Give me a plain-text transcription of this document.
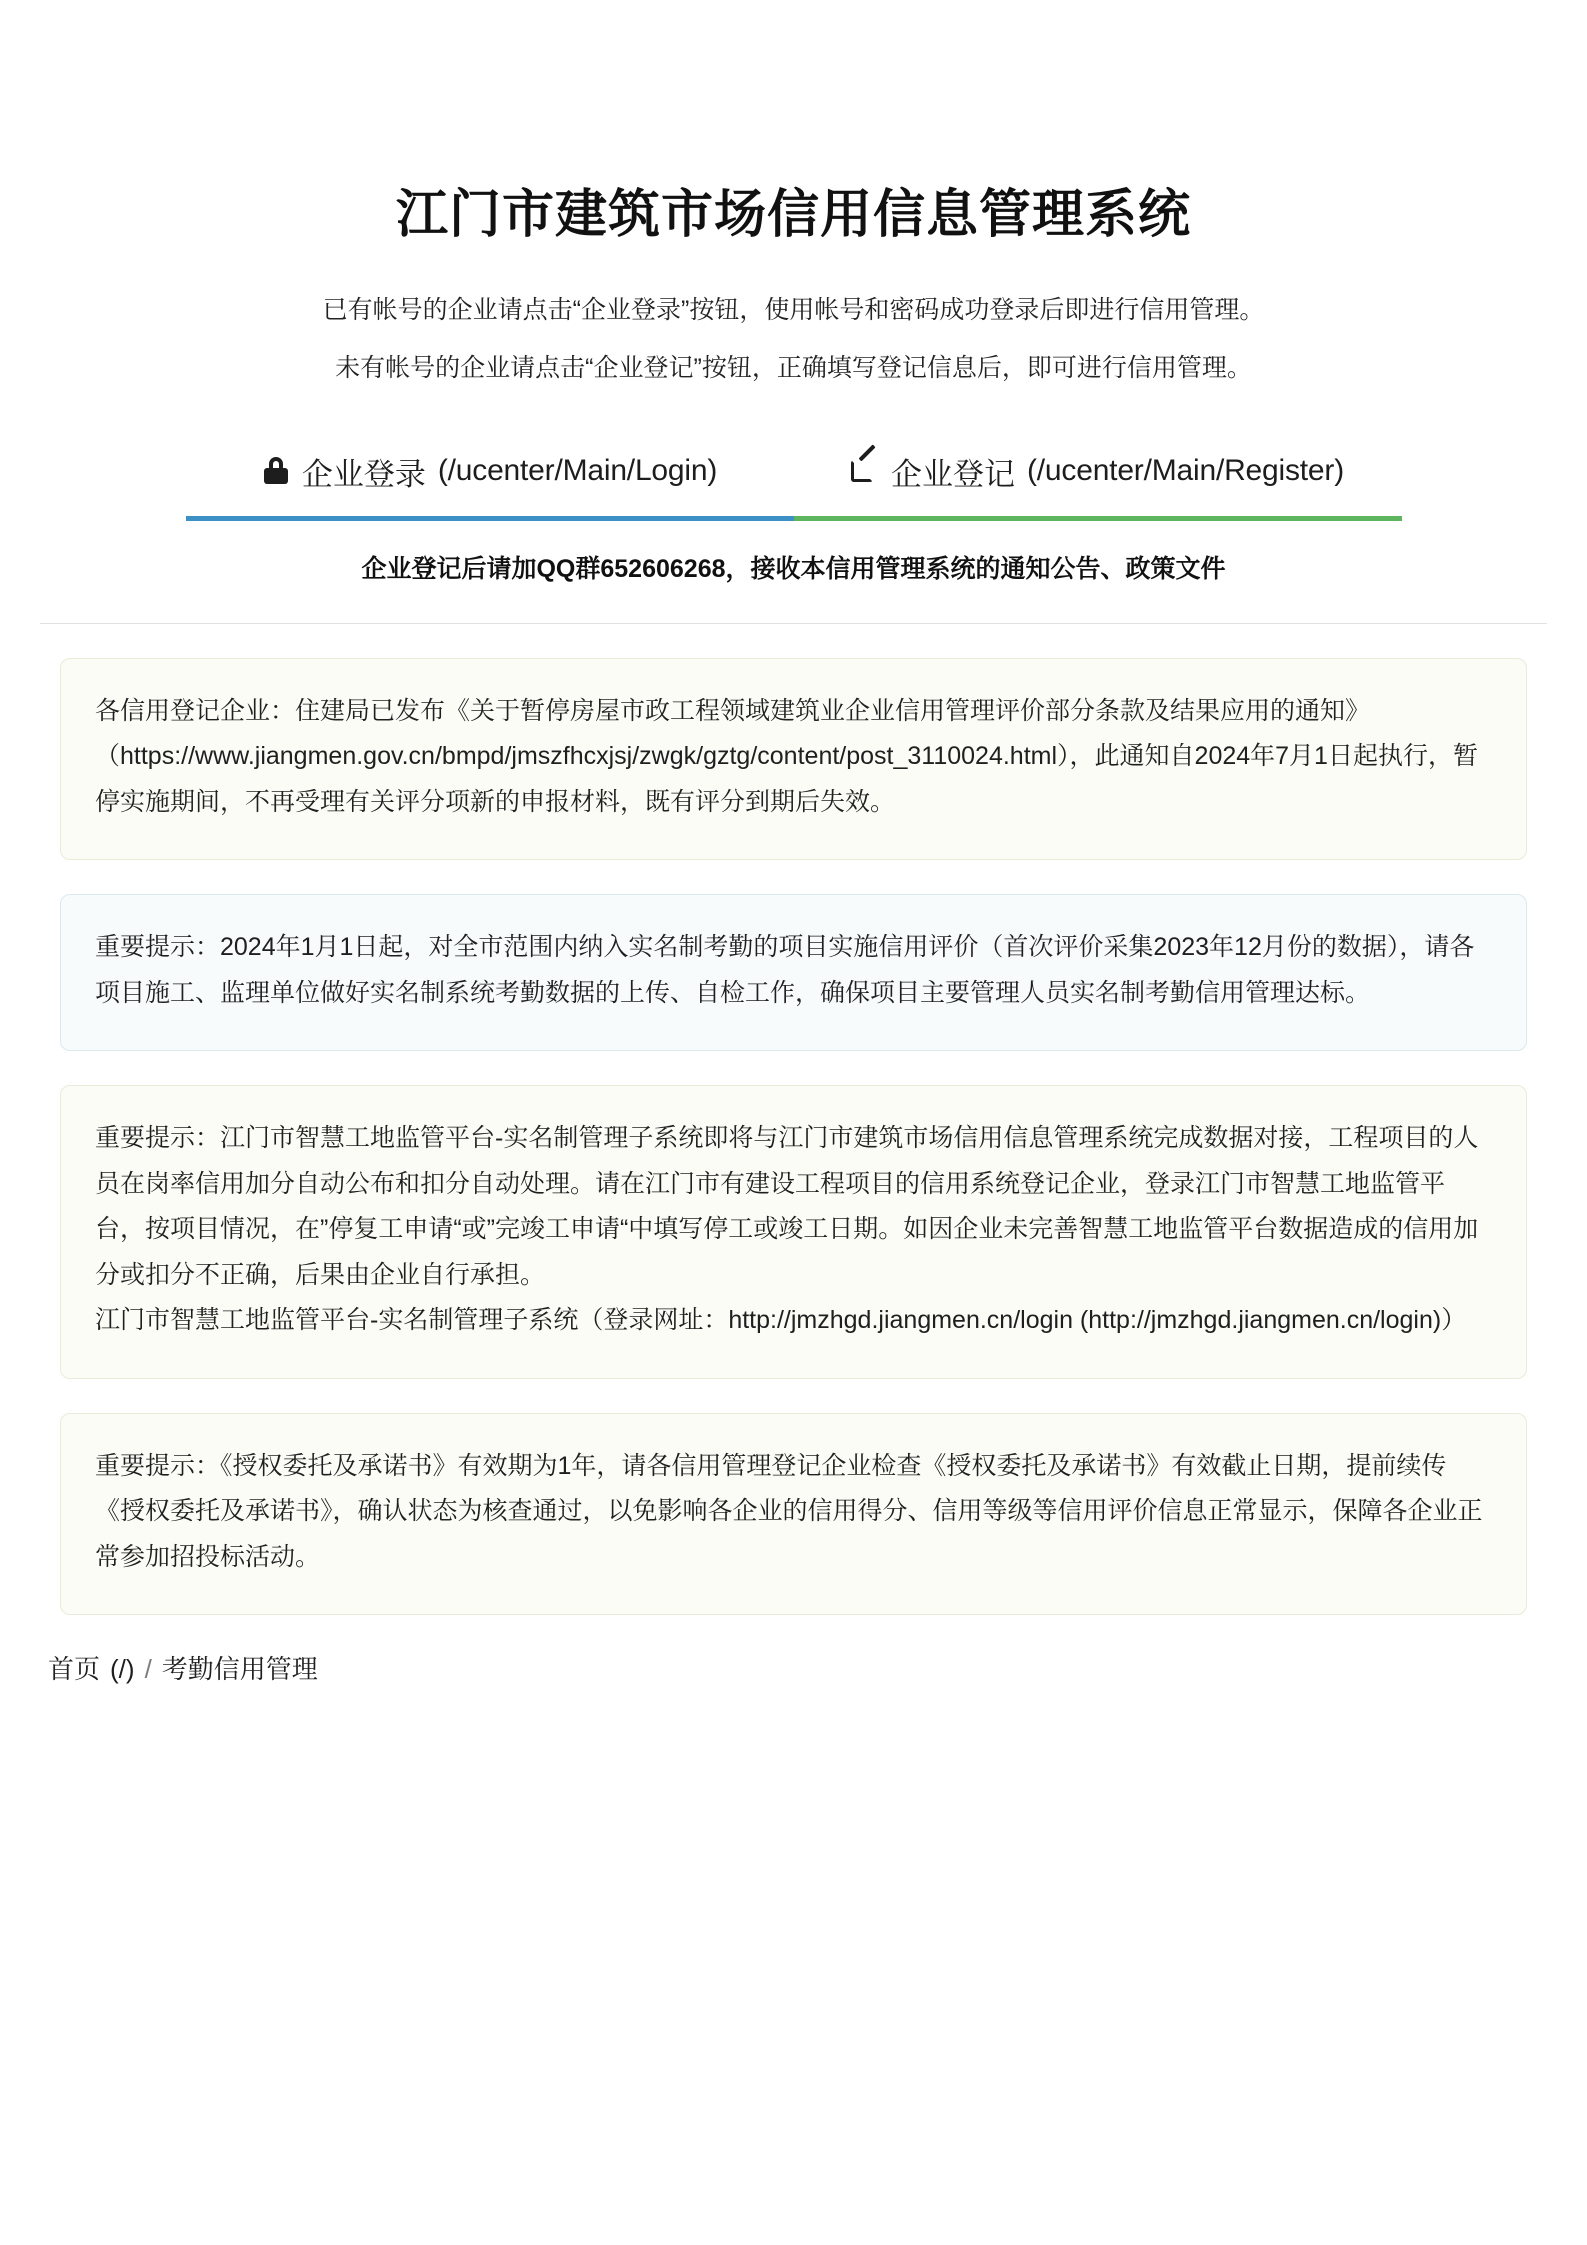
江门市建筑市场信用信息管理系统

已有帐号的企业请点击“企业登录”按钮，使用帐号和密码成功登录后即进行信用管理。

未有帐号的企业请点击“企业登记”按钮，正确填写登记信息后，即可进行信用管理。

企业登录 (/ucenter/Main/Login)	企业登记 (/ucenter/Main/Register)
企业登记后请加QQ群652606268，接收本信用管理系统的通知公告、政策文件

各信用登记企业：住建局已发布《关于暂停房屋市政工程领域建筑业企业信用管理评价部分条款及结果应用的通知》（https://www.jiangmen.gov.cn/bmpd/jmszfhcxjsj/zwgk/gztg/content/post_3110024.html），此通知自2024年7月1日起执行，暂停实施期间，不再受理有关评分项新的申报材料，既有评分到期后失效。

重要提示：2024年1月1日起，对全市范围内纳入实名制考勤的项目实施信用评价（首次评价采集2023年12月份的数据），请各项目施工、监理单位做好实名制系统考勤数据的上传、自检工作，确保项目主要管理人员实名制考勤信用管理达标。

重要提示：江门市智慧工地监管平台-实名制管理子系统即将与江门市建筑市场信用信息管理系统完成数据对接，工程项目的人员在岗率信用加分自动公布和扣分自动处理。请在江门市有建设工程项目的信用系统登记企业，登录江门市智慧工地监管平台，按项目情况，在”停复工申请“或”完竣工申请“中填写停工或竣工日期。如因企业未完善智慧工地监管平台数据造成的信用加分或扣分不正确，后果由企业自行承担。

江门市智慧工地监管平台-实名制管理子系统（登录网址：http://jmzhgd.jiangmen.cn/login (http://jmzhgd.jiangmen.cn/login)）

重要提示：《授权委托及承诺书》有效期为1年，请各信用管理登记企业检查《授权委托及承诺书》有效截止日期，提前续传《授权委托及承诺书》，确认状态为核查通过，以免影响各企业的信用得分、信用等级等信用评价信息正常显示，保障各企业正常参加招投标活动。

首页 (/) / 考勤信用管理
